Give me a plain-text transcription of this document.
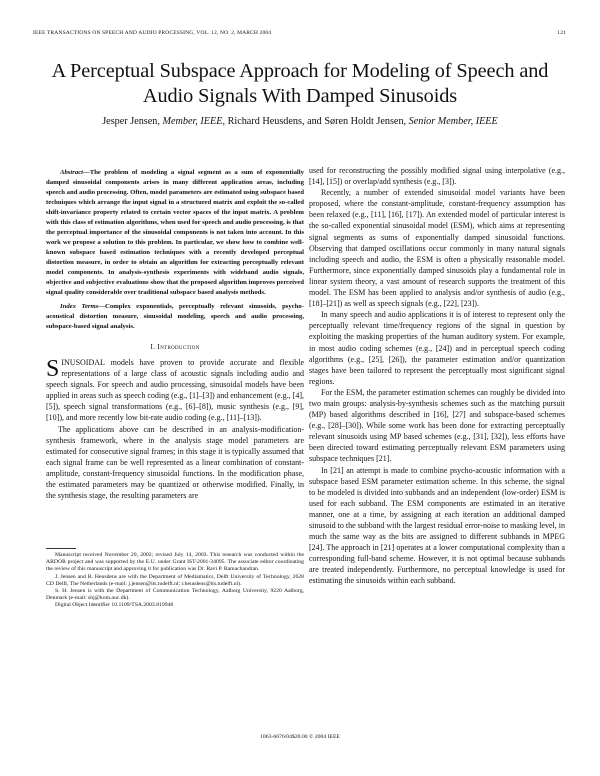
IEEE TRANSACTIONS ON SPEECH AND AUDIO PROCESSING, VOL. 12, NO. 2, MARCH 2004	121
A Perceptual Subspace Approach for Modeling of Speech and Audio Signals With Damped Sinusoids
Jesper Jensen, Member, IEEE, Richard Heusdens, and Søren Holdt Jensen, Senior Member, IEEE

Abstract—The problem of modeling a signal segment as a sum of exponentially damped sinusoidal components arises in many different application areas, including speech and audio processing. Often, model parameters are estimated using subspace based techniques which arrange the input signal in a structured matrix and exploit the so-called shift-invariance property related to certain vector spaces of the input matrix. A problem with this class of estimation algorithms, when used for speech and audio processing, is that the perceptual importance of the sinusoidal components is not taken into account. In this work we propose a solution to this problem. In particular, we show how to combine well-known subspace based estimation techniques with a recently developed perceptual distortion measure, in order to obtain an algorithm for extracting perceptually relevant model components. In analysis-synthesis experiments with wideband audio signals, objective and subjective evaluations show that the proposed algorithm improves perceived signal quality considerable over traditional subspace based analysis methods.

Index Terms—Complex exponentials, perceptually relevant sinusoids, psycho-acoustical distortion measure, sinusoidal modeling, speech and audio processing, subspace-based signal analysis.

I. Introduction

SINUSOIDAL models have proven to provide accurate and flexible representations of a large class of acoustic signals including audio and speech signals. For speech and audio processing, sinusoidal models have been applied in areas such as speech coding (e.g., [1]–[3]) and enhancement (e.g., [4], [5]), speech signal transformations (e.g., [6]–[8]), music synthesis (e.g., [9], [10]), and more recently low bit-rate audio coding (e.g., [11]–[13]).

The applications above can be described in an analysis-modification-synthesis framework, where in the analysis stage model parameters are estimated for consecutive signal frames; in this stage it is typically assumed that each signal frame can be well represented as a linear combination of constant-amplitude, constant-frequency sinusoidal functions. In the modification phase, the estimated parameters may be quantized or otherwise modified. Finally, in the synthesis stage, the resulting parameters are

used for reconstructing the possibly modified signal using interpolative (e.g., [14], [15]) or overlap/add synthesis (e.g., [3]).

Recently, a number of extended sinusoidal model variants have been proposed, where the constant-amplitude, constant-frequency assumption has been relaxed (e.g., [11], [16], [17]). An extended model of particular interest is the so-called exponential sinusoidal model (ESM), which aims at representing signal segments as sums of exponentially damped sinusoidal functions. Observing that damped oscillations occur commonly in many natural signals including speech and audio, the ESM is often a physically reasonable model. Furthermore, since exponentially damped sinusoids play a fundamental role in linear system theory, a vast amount of research supports the treatment of this model. The ESM has been applied to analysis and/or synthesis of audio (e.g., [18]–[21]) as well as speech signals (e.g., [22], [23]).

In many speech and audio applications it is of interest to represent only the perceptually relevant time/frequency regions of the signal in question by exploiting the masking properties of the human auditory system. For example, in most audio coding schemes (e.g., [24]) and in perceptual speech coding algorithms (e.g., [25], [26]), the parameter estimation and/or quantization stages have been tailored to represent the perceptually most significant signal regions.

For the ESM, the parameter estimation schemes can roughly be divided into two main groups: analysis-by-synthesis schemes such as the matching pursuit (MP) based algorithms described in [16], [27] and subspace-based schemes (e.g., [28]–[30]). While some work has been done for extracting perceptually relevant sinusoids using MP based schemes (e.g., [31], [32]), less efforts have been directed toward estimating perceptually relevant ESM parameters using subspace techniques [21].

In [21] an attempt is made to combine psycho-acoustic information with a subspace based ESM parameter estimation scheme. In this scheme, the signal to be modeled is divided into subbands and an independent (low-order) ESM is used for each subband. The ESM components are estimated in an iterative manner, one at a time, by assigning at each iteration an additional damped sinusoid to the subband with the largest residual error-noise to masking level, in much the same way as the bits are assigned to different subbands in MPEG [24]. The approach in [21] operates at a lower computational complexity than a corresponding full-band scheme. However, it is not optimal because subbands are treated independently. Furthermore, no perceptual knowledge is used for estimating the sinusoids within each subband.

Manuscript received November 20, 2002; revised July 14, 2003. This research was conducted within the ARDOR project and was supported by the E.U. under Grant IST-2001-34095. The associate editor coordinating the review of this manuscript and approving it for publication was Dr. Ravi P. Ramachandran.

J. Jensen and R. Heusdens are with the Department of Mediamatics, Delft University of Technology, 2628 CD Delft, The Netherlands (e-mail: j.jensen@its.tudelft.nl; r.heusdens@its.tudelft.nl).

S. H. Jensen is with the Department of Communication Technology, Aalborg University, 9220 Aalborg, Denmark (e-mail: shj@kom.auc.dk).

Digital Object Identifier 10.1109/TSA.2003.819948

1063-6676/04$20.00 © 2004 IEEE
